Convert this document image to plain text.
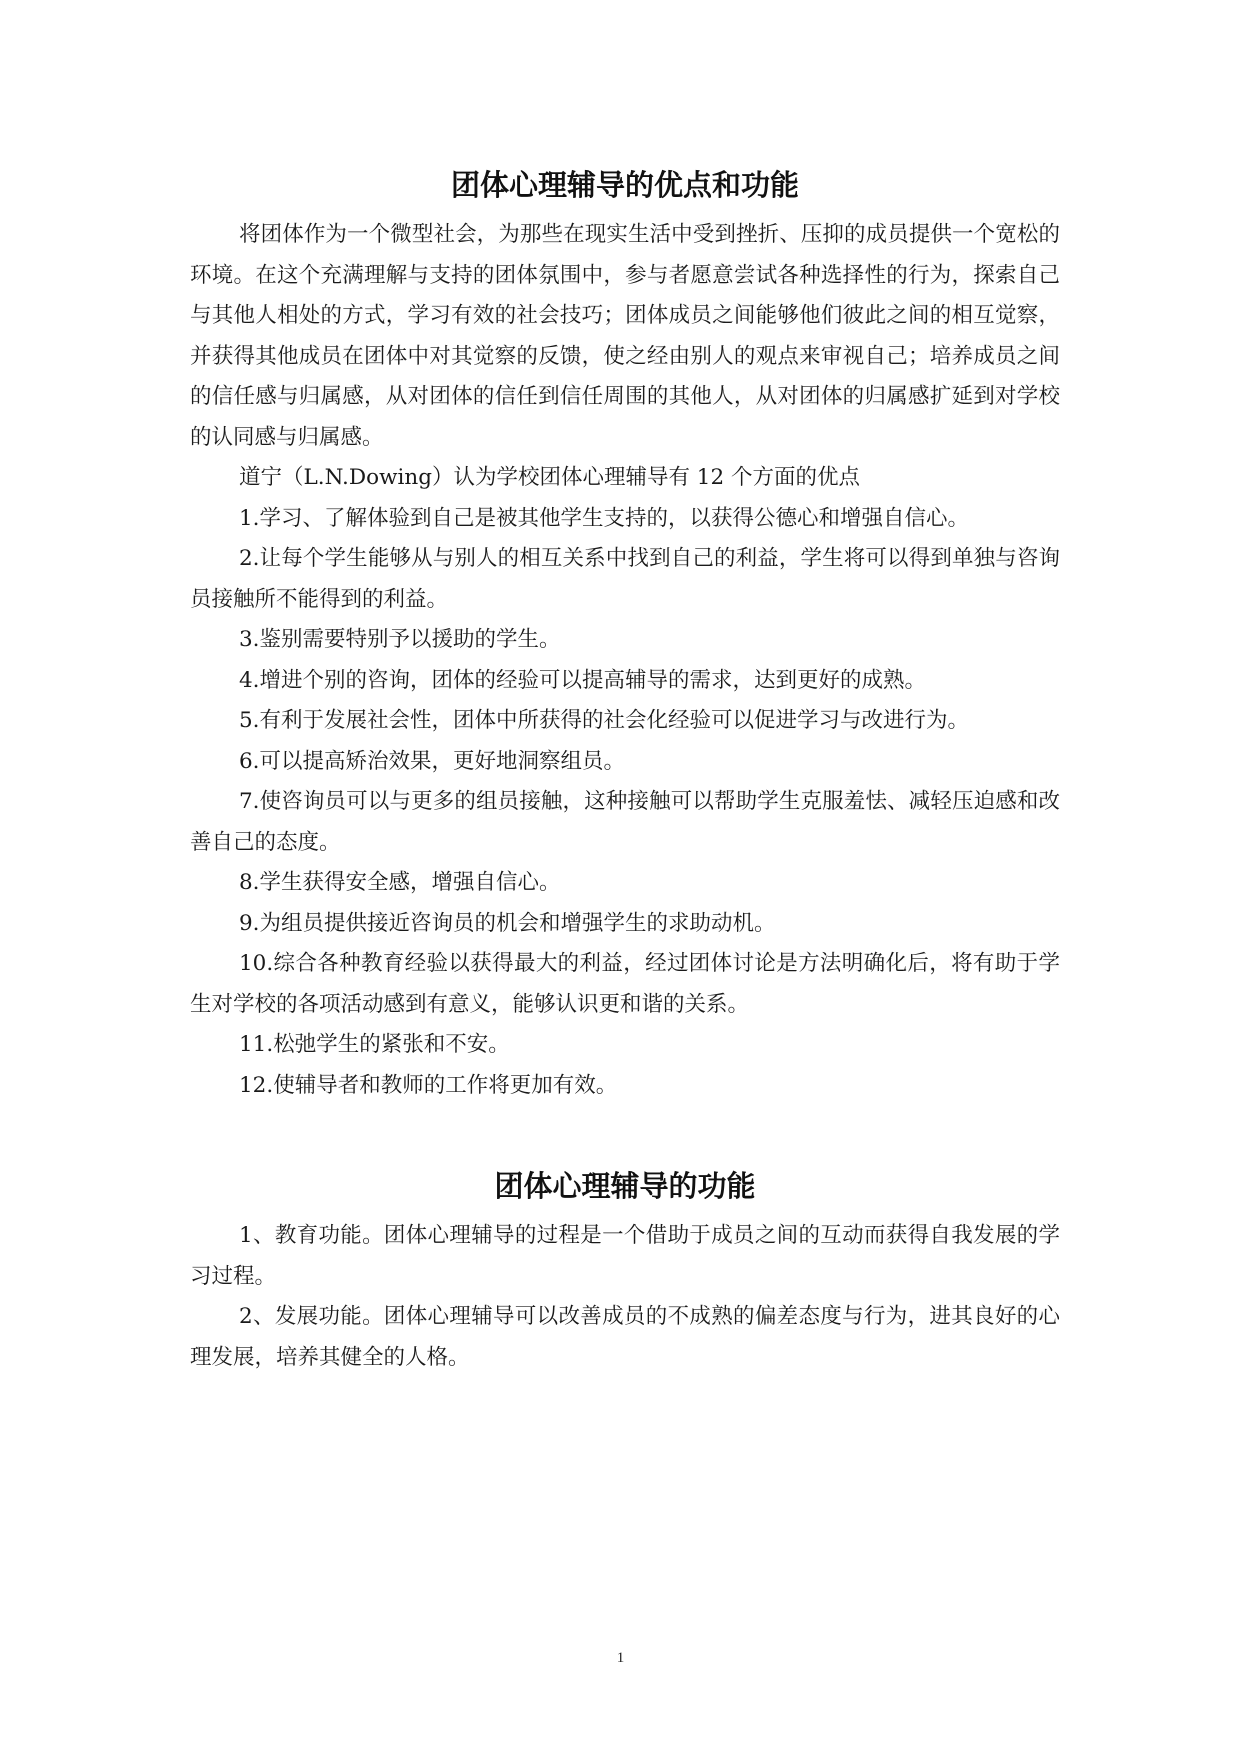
团体心理辅导的优点和功能

将团体作为一个微型社会，为那些在现实生活中受到挫折、压抑的成员提供一个宽松的环境。在这个充满理解与支持的团体氛围中，参与者愿意尝试各种选择性的行为，探索自己与其他人相处的方式，学习有效的社会技巧；团体成员之间能够他们彼此之间的相互觉察，并获得其他成员在团体中对其觉察的反馈，使之经由别人的观点来审视自己；培养成员之间的信任感与归属感，从对团体的信任到信任周围的其他人，从对团体的归属感扩延到对学校的认同感与归属感。

道宁（L.N.Dowing）认为学校团体心理辅导有 12 个方面的优点

1.学习、了解体验到自己是被其他学生支持的，以获得公德心和增强自信心。

2.让每个学生能够从与别人的相互关系中找到自己的利益，学生将可以得到单独与咨询员接触所不能得到的利益。

3.鉴别需要特别予以援助的学生。

4.增进个别的咨询，团体的经验可以提高辅导的需求，达到更好的成熟。

5.有利于发展社会性，团体中所获得的社会化经验可以促进学习与改进行为。

6.可以提高矫治效果，更好地洞察组员。

7.使咨询员可以与更多的组员接触，这种接触可以帮助学生克服羞怯、减轻压迫感和改善自己的态度。

8.学生获得安全感，增强自信心。

9.为组员提供接近咨询员的机会和增强学生的求助动机。

10.综合各种教育经验以获得最大的利益，经过团体讨论是方法明确化后，将有助于学生对学校的各项活动感到有意义，能够认识更和谐的关系。

11.松弛学生的紧张和不安。

12.使辅导者和教师的工作将更加有效。

团体心理辅导的功能

1、教育功能。团体心理辅导的过程是一个借助于成员之间的互动而获得自我发展的学习过程。

2、发展功能。团体心理辅导可以改善成员的不成熟的偏差态度与行为，进其良好的心理发展，培养其健全的人格。

1
